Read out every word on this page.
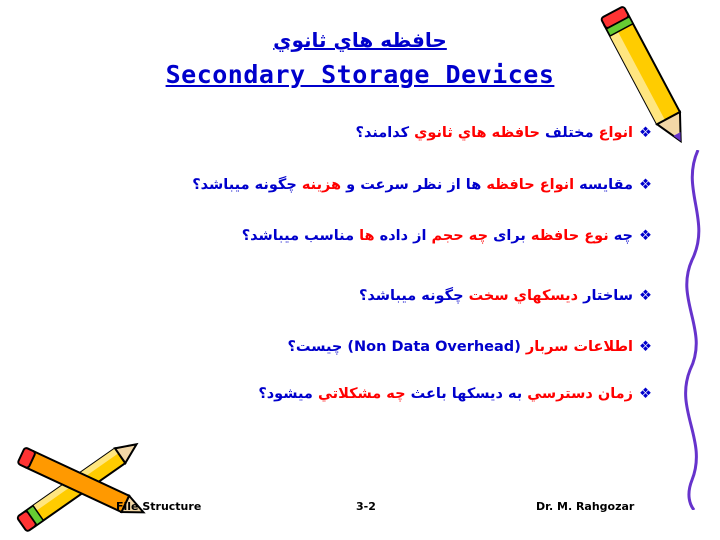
حافظه هاي ثانوي
Secondary Storage Devices
❖انواع مختلف حافظه هاي ثانوي كدامند؟
❖مقايسه انواع حافظه ها از نظر سرعت و هزينه چگونه ميباشد؟
❖چه نوع حافظه برای چه حجم از داده ها مناسب ميباشد؟
❖ساختار ديسكهاي سخت چگونه ميباشد؟
❖اطلاعات سربار (Non Data Overhead) چيست؟
❖زمان دسترسي به ديسكها باعث چه مشكلاتي ميشود؟
File Structure	3-2	Dr. M. Rahgozar
